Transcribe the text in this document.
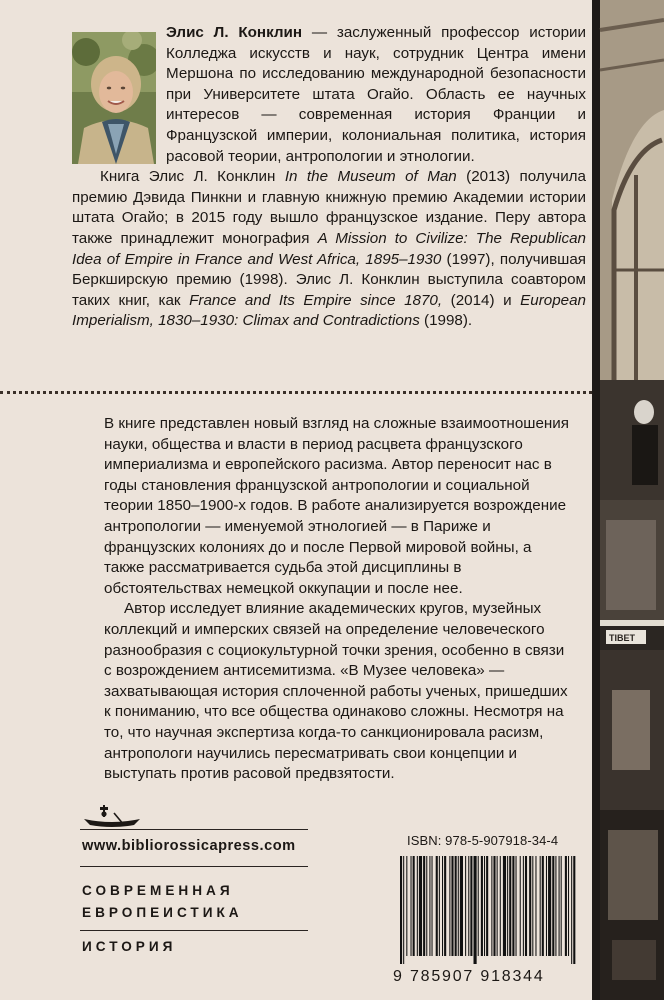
Элис Л. Конклин — заслуженный профессор истории Колледжа искусств и наук, сотрудник Центра имени Мершона по исследованию международной безопасности при Университете штата Огайо. Область ее научных интересов — современная история Франции и Французской империи, колониальная политика, история расовой теории, антропологии и этнологии.

Книга Элис Л. Конклин In the Museum of Man (2013) получила премию Дэвида Пинкни и главную книжную премию Академии истории штата Огайо; в 2015 году вышло французское издание. Перу автора также принадлежит монография A Mission to Civilize: The Republican Idea of Empire in France and West Africa, 1895–1930 (1997), получившая Беркширскую премию (1998). Элис Л. Конклин выступила соавтором таких книг, как France and Its Empire since 1870, (2014) и European Imperialism, 1830–1930: Climax and Contradictions (1998).

В книге представлен новый взгляд на сложные взаимоотношения науки, общества и власти в период расцвета французского империализма и европейского расизма. Автор переносит нас в годы становления французской антропологии и социальной теории 1850–1900-х годов. В работе анализируется возрождение антропологии — именуемой этнологией — в Париже и французских колониях до и после Первой мировой войны, а также рассматривается судьба этой дисциплины в обстоятельствах немецкой оккупации и после нее.

Автор исследует влияние академических кругов, музейных коллекций и имперских связей на определение человеческого разнообразия с социокультурной точки зрения, особенно в связи с возрождением антисемитизма. «В Музее человека» — захватывающая история сплоченной работы ученых, пришедших к пониманию, что все общества одинаково сложны. Несмотря на то, что научная экспертиза когда-то санкционировала расизм, антропологи научились пересматривать свои концепции и выступать против расовой предвзятости.

www.bibliorossicapress.com
СОВРЕМЕННАЯ
ЕВРОПЕИСТИКА
ИСТОРИЯ
ISBN: 978-5-907918-34-4
9 785907 918344
TIBET
